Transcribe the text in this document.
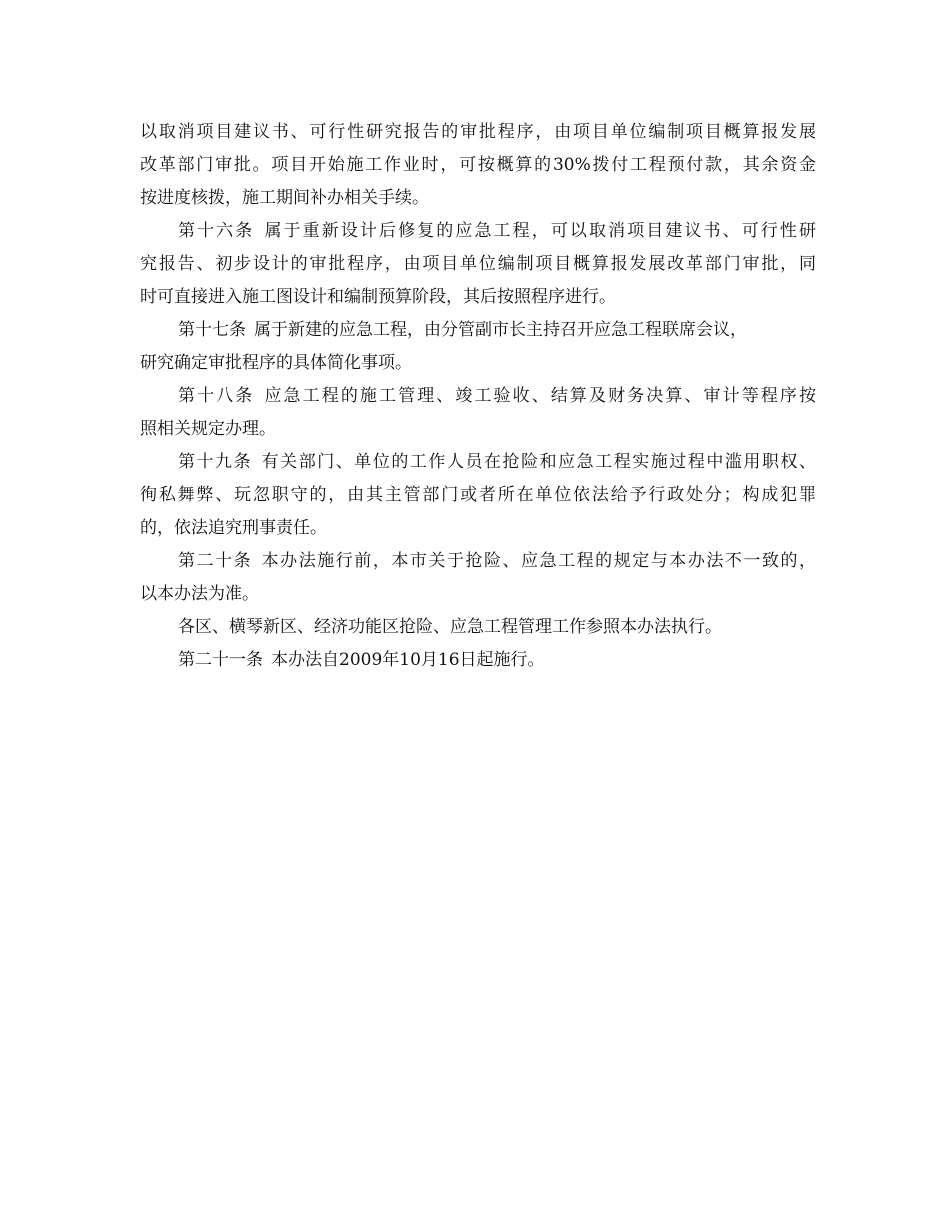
以取消项目建议书、可行性研究报告的审批程序，由项目单位编制项目概算报发展
改革部门审批。项目开始施工作业时，可按概算的30%拨付工程预付款，其余资金
按进度核拨，施工期间补办相关手续。
第十六条 属于重新设计后修复的应急工程，可以取消项目建议书、可行性研
究报告、初步设计的审批程序，由项目单位编制项目概算报发展改革部门审批，同
时可直接进入施工图设计和编制预算阶段，其后按照程序进行。
第十七条 属于新建的应急工程，由分管副市长主持召开应急工程联席会议，
研究确定审批程序的具体简化事项。
第十八条 应急工程的施工管理、竣工验收、结算及财务决算、审计等程序按
照相关规定办理。
第十九条 有关部门、单位的工作人员在抢险和应急工程实施过程中滥用职权、
徇私舞弊、玩忽职守的，由其主管部门或者所在单位依法给予行政处分；构成犯罪
的，依法追究刑事责任。
第二十条 本办法施行前，本市关于抢险、应急工程的规定与本办法不一致的，
以本办法为准。
各区、横琴新区、经济功能区抢险、应急工程管理工作参照本办法执行。
第二十一条 本办法自2009年10月16日起施行。
